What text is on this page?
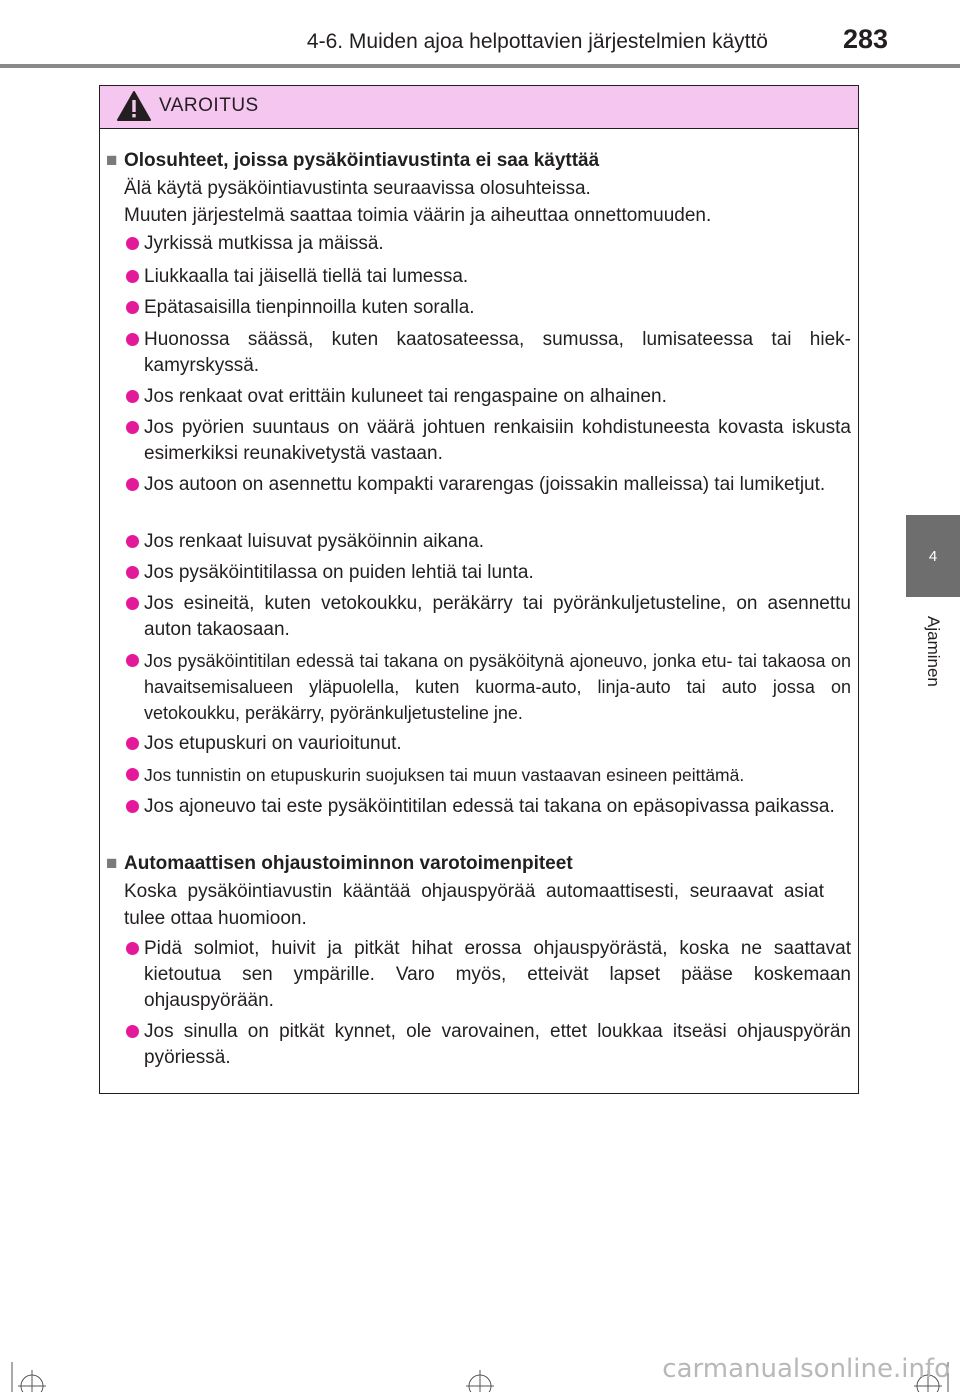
4-6. Muiden ajoa helpottavien järjestelmien käyttö	283
4
Ajaminen
VAROITUS
■ Olosuhteet, joissa pysäköintiavustinta ei saa käyttää

Älä käytä pysäköintiavustinta seuraavissa olosuhteissa.

Muuten järjestelmä saattaa toimia väärin ja aiheuttaa onnettomuuden.

Jyrkissä mutkissa ja mäissä.
Liukkaalla tai jäisellä tiellä tai lumessa.
Epätasaisilla tienpinnoilla kuten soralla.
Huonossa säässä, kuten kaatosateessa, sumussa, lumisateessa tai hiekkamyrskyssä.
Jos renkaat ovat erittäin kuluneet tai rengaspaine on alhainen.
Jos pyörien suuntaus on väärä johtuen renkaisiin kohdistuneesta kovasta iskusta esimerkiksi reunakivetystä vastaan.
Jos autoon on asennettu kompakti vararengas (joissakin malleissa) tai lumiketjut.
Jos renkaat luisuvat pysäköinnin aikana.
Jos pysäköintitilassa on puiden lehtiä tai lunta.
Jos esineitä, kuten vetokoukku, peräkärry tai pyöränkuljetusteline, on asennettu auton takaosaan.
Jos pysäköintitilan edessä tai takana on pysäköitynä ajoneuvo, jonka etu- tai takaosa on havaitsemisalueen yläpuolella, kuten kuorma-auto, linja-auto tai auto jossa on vetokoukku, peräkärry, pyöränkuljetusteline jne.
Jos etupuskuri on vaurioitunut.
Jos tunnistin on etupuskurin suojuksen tai muun vastaavan esineen peittämä.
Jos ajoneuvo tai este pysäköintitilan edessä tai takana on epäsopivassa paikassa.
■ Automaattisen ohjaustoiminnon varotoimenpiteet

Koska pysäköintiavustin kääntää ohjauspyörää automaattisesti, seuraavat asiat tulee ottaa huomioon.

Pidä solmiot, huivit ja pitkät hihat erossa ohjauspyörästä, koska ne saattavat kietoutua sen ympärille. Varo myös, etteivät lapset pääse koskemaan ohjauspyörään.
Jos sinulla on pitkät kynnet, ole varovainen, ettet loukkaa itseäsi ohjauspyörän pyöriessä.
carmanualsonline.info
